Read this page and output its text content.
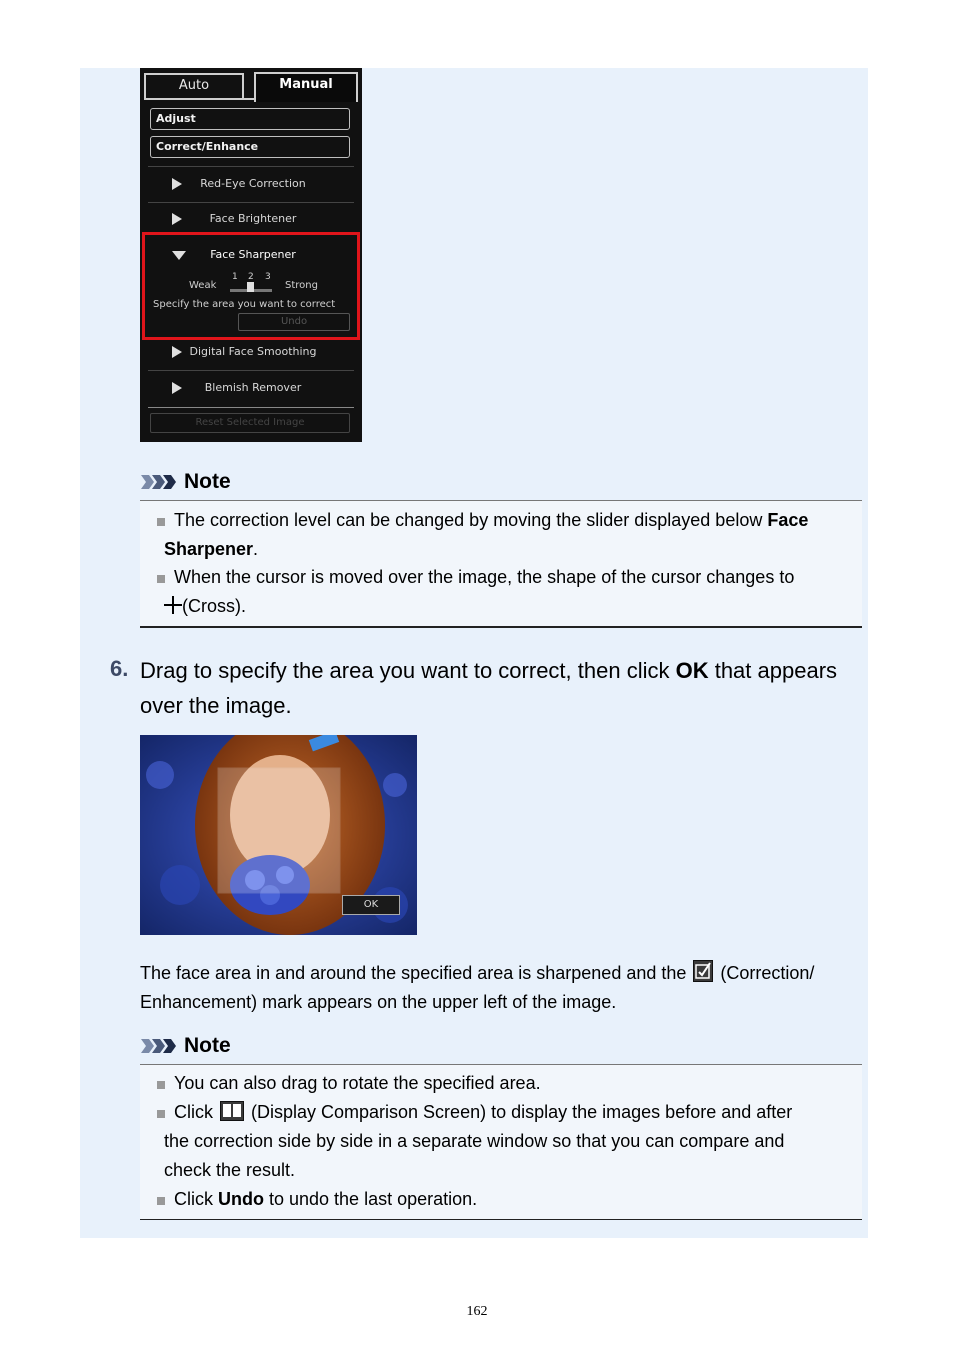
Auto	Manual
Adjust
Correct/Enhance
Red-Eye Correction
Face Brightener
Face Sharpener
1 2 3
Weak	Strong
Specify the area you want to correct
Undo
Digital Face Smoothing
Blemish Remover
Reset Selected Image
Note
The correction level can be changed by moving the slider displayed below Face
Sharpener.
When the cursor is moved over the image, the shape of the cursor changes to
(Cross).
6. Drag to specify the area you want to correct, then click OK that appears
over the image.
OK
The face area in and around the specified area is sharpened and the  (Correction/
Enhancement) mark appears on the upper left of the image.
Note
You can also drag to rotate the specified area.
Click  (Display Comparison Screen) to display the images before and after
the correction side by side in a separate window so that you can compare and
check the result.
Click Undo to undo the last operation.
162
